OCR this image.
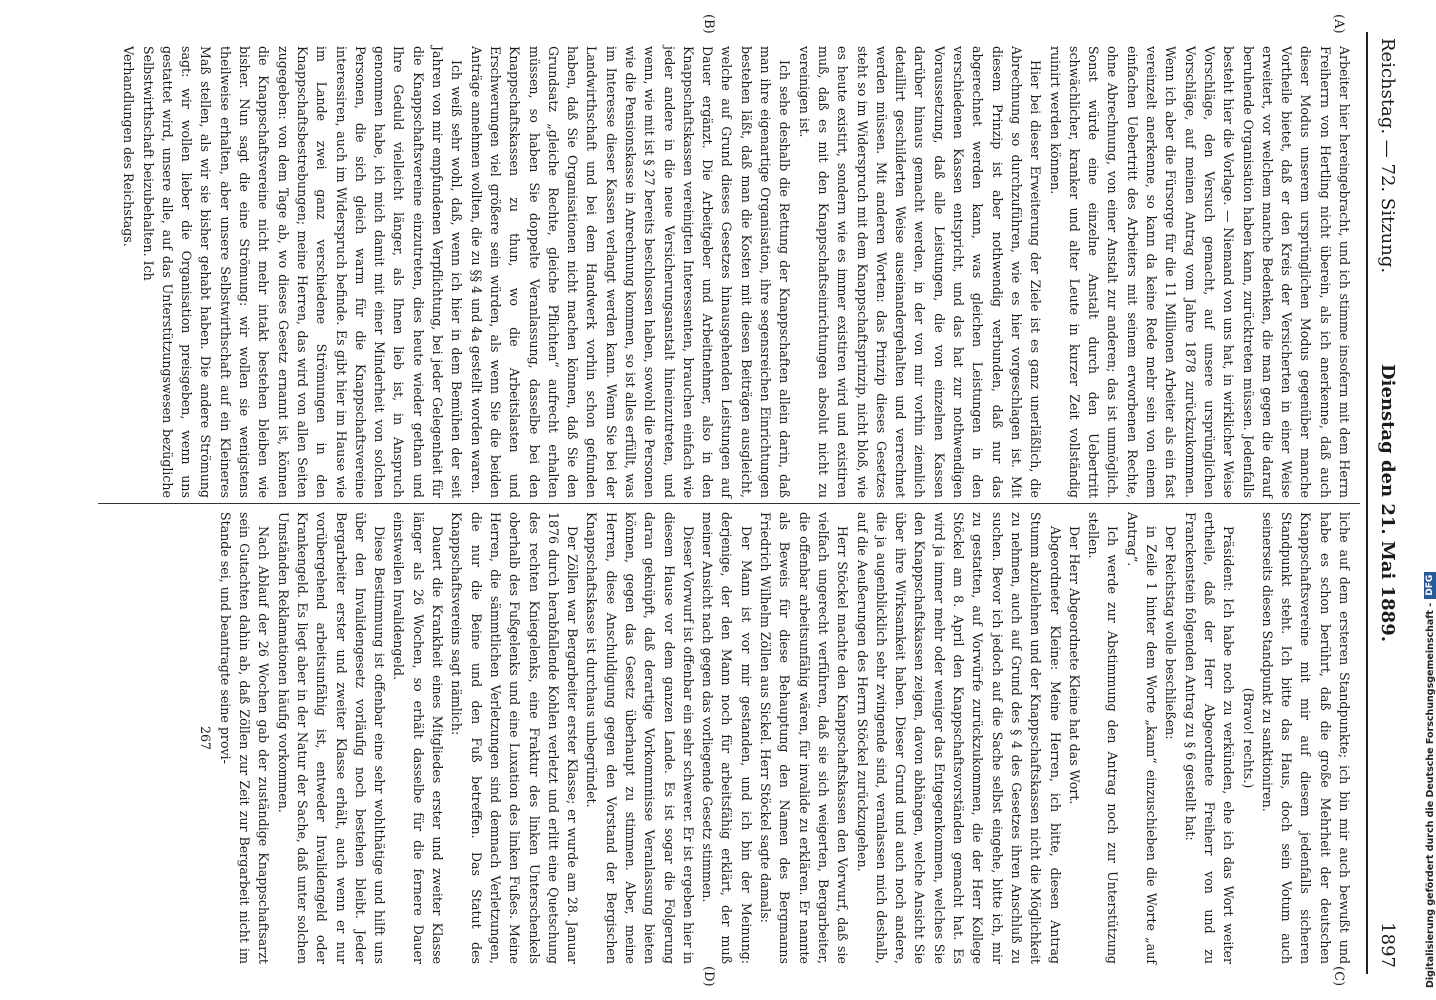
Reichstag. — 72. Sitzung.
Dienstag den 21. Mai 1889.
1897
(A)
(B)
(C)
(D)

Arbeiter hier hereingebracht, und ich stimme insofern mit dem Herrn Freiherrn von Hertling nicht überein, als ich anerkenne, daß auch dieser Modus unserem ursprünglichen Modus gegenüber manche Vortheile bietet, daß er den Kreis der Versicherten in einer Weise erweitert, vor welchem manche Bedenken, die man gegen die darauf beruhende Organisation haben kann, zurücktreten müssen. Jedenfalls besteht hier die Vorlage. — Niemand von uns hat, in wirklicher Weise Vorschläge, den Versuch gemacht, auf unsere ursprünglichen Vorschläge, auf meinen Antrag vom Jahre 1878 zurückzukommen. Wenn ich aber die Fürsorge für die 11 Millionen Arbeiter als ein fast vereinzelt anerkenne, so kann da keine Rede mehr sein von einem einfachen Uebertritt des Arbeiters mit seinem erworbenen Rechte, ohne Abrechnung, von einer Anstalt zur anderen; das ist unmöglich. Sonst würde eine einzelne Anstalt durch den Uebertritt schwächlicher, kranker und alter Leute in kurzer Zeit vollständig ruinirt werden können.

Hier bei dieser Erweiterung der Ziele ist es ganz unerläßlich, die Abrechnung so durchzuführen, wie es hier vorgeschlagen ist. Mit diesem Prinzip ist aber nothwendig verbunden, daß nur das abgerechnet werden kann, was gleichen Leistungen in den verschiedenen Kassen entspricht, und das hat zur nothwendigen Voraussetzung, daß alle Leistungen, die von einzelnen Kassen darüber hinaus gemacht werden, in der von mir vorhin ziemlich detaillirt geschilderten Weise auseinandergehalten und verrechnet werden müssen. Mit anderen Worten: das Prinzip dieses Gesetzes steht so im Widerspruch mit dem Knappschaftsprinzip, nicht bloß, wie es heute existirt, sondern wie es immer existiren wird und existiren muß, daß es mit den Knappschaftseinrichtungen absolut nicht zu vereinigen ist.

Ich sehe deshalb die Rettung der Knappschaften allein darin, daß man ihre eigenartige Organisation, ihre segensreichen Einrichtungen bestehen läßt, daß man die Kosten mit diesen Beiträgen ausgleicht, welche auf Grund dieses Gesetzes hinausgehenden Leistungen auf Dauer ergänzt. Die Arbeitgeber und Arbeitnehmer, also in den Knappschaftskassen vereinigten Interessenten, brauchen einfach wie jeder andere in die neue Versicherungsanstalt hineinzutreten, und wenn, wie mit ist § 27 bereits beschlossen haben, sowohl die Personen wie die Pensionskasse in Anrechnung kommen, so ist alles erfüllt, was im Interesse dieser Kassen verlangt werden kann. Wenn Sie bei der Landwirthschaft und bei dem Handwerk vorhin schon gefunden haben, daß Sie Organisationen nicht machen können, daß Sie den Grundsatz „gleiche Rechte, gleiche Pflichten“ aufrecht erhalten müssen, so haben Sie doppelte Veranlassung, dasselbe bei den Knappschaftskassen zu thun, wo die Arbeitslasten und Erschwerungen viel größere sein würden, als wenn Sie die beiden Anträge annehmen wollten, die zu §§ 4 und 4a gestellt worden waren.

Ich weiß sehr wohl, daß, wenn ich hier in dem Bemühen der seit Jahren von mir empfundenen Verpflichtung, bei jeder Gelegenheit für die Knappschaftsvereine einzutreten, dies heute wieder gethan und Ihre Geduld vielleicht länger, als Ihnen lieb ist, in Anspruch genommen habe, ich mich damit mit einer Minderheit von solchen Personen, die sich gleich warm für die Knappschaftsvereine interessiren, auch im Widerspruch befinde. Es gibt hier im Hause wie im Lande zwei ganz verschiedene Strömungen in den Knappschaftsbestrebungen; meine Herren, das wird von allen Seiten zugegeben: von dem Tage ab, wo dieses Gesetz ernannt ist, können die Knappschaftsvereine nicht mehr intakt bestehen bleiben wie bisher. Nun sagt die eine Strömung: wir wollen sie wenigstens theilweise erhalten, aber unsere Selbstwirthschaft auf ein Kleineres Maß stellen, als wir sie bisher gehabt haben. Die andere Strömung sagt: wir wollen lieber die Organisation preisgeben, wenn uns gestattet wird, unsere alle, auf das Unterstützungswesen bezügliche Selbstwirthschaft beizubehalten. Ich

Verhandlungen des Reichstags.

liche auf dem ersteren Standpunkte; ich bin mir auch bewußt und habe es schon berührt, daß die große Mehrheit der deutschen Knappschaftsvereine mit mir auf diesem jedenfalls sicheren Standpunkt steht. Ich bitte das Haus, doch sein Votum auch seinerseits diesen Standpunkt zu sanktioniren.

(Bravo! rechts.)

Präsident: Ich habe noch zu verkünden, ehe ich das Wort weiter ertheile, daß der Herr Abgeordnete Freiherr von und zu Franckenstein folgenden Antrag zu § 6 gestellt hat:

Der Reichstag wolle beschließen:

in Zeile 1 hinter dem Worte „kann“ einzuschieben die Worte „auf Antrag“.

Ich werde zur Abstimmung den Antrag noch zur Unterstützung stellen.

Der Herr Abgeordnete Kleine hat das Wort.

Abgeordneter Kleine: Meine Herren, ich bitte, diesen Antrag Stumm abzulehnen und der Knappschaftskassen nicht die Möglichkeit zu nehmen, auch auf Grund des § 4 des Gesetzes ihren Anschluß zu suchen. Bevor ich jedoch auf die Sache selbst eingehe, bitte ich, mir zu gestatten, auf Vorwürfe zurückzukommen, die der Herr Kollege Stöckel am 8. April den Knappschaftsvorständen gemacht hat. Es wird ja immer mehr oder weniger das Entgegenkommen, welches Sie den Knappschaftskassen zeigen, davon abhängen, welche Ansicht Sie über ihre Wirksamkeit haben. Dieser Grund und auch noch andere, die ja augenblicklich sehr zwingende sind, veranlassen mich deshalb, auf die Aeußerungen des Herrn Stöckel zurückzugehen.

Herr Stöckel machte den Knappschaftskassen den Vorwurf, daß sie vielfach ungerecht verführen, daß sie sich weigerten, Bergarbeiter, die offenbar arbeitsunfähig wären, für invalide zu erklären. Er nannte als Beweis für diese Behauptung den Namen des Bergmanns Friedrich Wilhelm Zöllen aus Sickel. Herr Stöckel sagte damals:

Der Mann ist vor mir gestanden, und ich bin der Meinung: derjenige, der den Mann noch für arbeitsfähig erklärt, der muß meiner Ansicht nach gegen das vorliegende Gesetz stimmen.

Dieser Vorwurf ist offenbar ein sehr schwerer. Er ist ergeben hier in diesem Hause vor dem ganzen Lande. Es ist sogar die Folgerung daran geknüpft, daß derartige Vorkommnisse Veranlassung bieten können, gegen das Gesetz überhaupt zu stimmen. Aber, meine Herren, diese Anschuldigung gegen den Vorstand der Bergischen Knappschaftskasse ist durchaus unbegründet.

Der Zöllen war Bergarbeiter erster Klasse; er wurde am 28. Januar 1876 durch herabfallende Kohlen verletzt und erlitt eine Quetschung des rechten Kniegelenks, eine Fraktur des linken Unterschenkels oberhalb des Fußgelenks und eine Luxation des linken Fußes. Meine Herren, die sämmtlichen Verletzungen sind demnach Verletzungen, die nur die Beine und den Fuß betreffen. Das Statut des Knappschaftsvereins sagt nämlich:

Dauert die Krankheit eines Mitgliedes erster und zweiter Klasse länger als 26 Wochen, so erhält dasselbe für die fernere Dauer einstweilen Invalidengeld.

Diese Bestimmung ist offenbar eine sehr wohlthätige und hilft uns über den Invalidengesetz vorläufig noch bestehen bleibt. Jeder Bergarbeiter erster und zweiter Klasse erhält, auch wenn er nur vorübergehend arbeitsunfähig ist, entweder Invalidengeld oder Krankengeld. Es liegt aber in der Natur der Sache, daß unter solchen Umständen Reklamationen häufig vorkommen.

Nach Ablauf der 26 Wochen gab der zuständige Knappschaftsarzt sein Gutachten dahin ab, daß Zöllen zur Zeit zur Bergarbeit nicht im Stande sei, und beantragte seine provi-

267	Digitalisierung gefördert durch die Deutsche Forschungsgemeinschaft -
DFG
